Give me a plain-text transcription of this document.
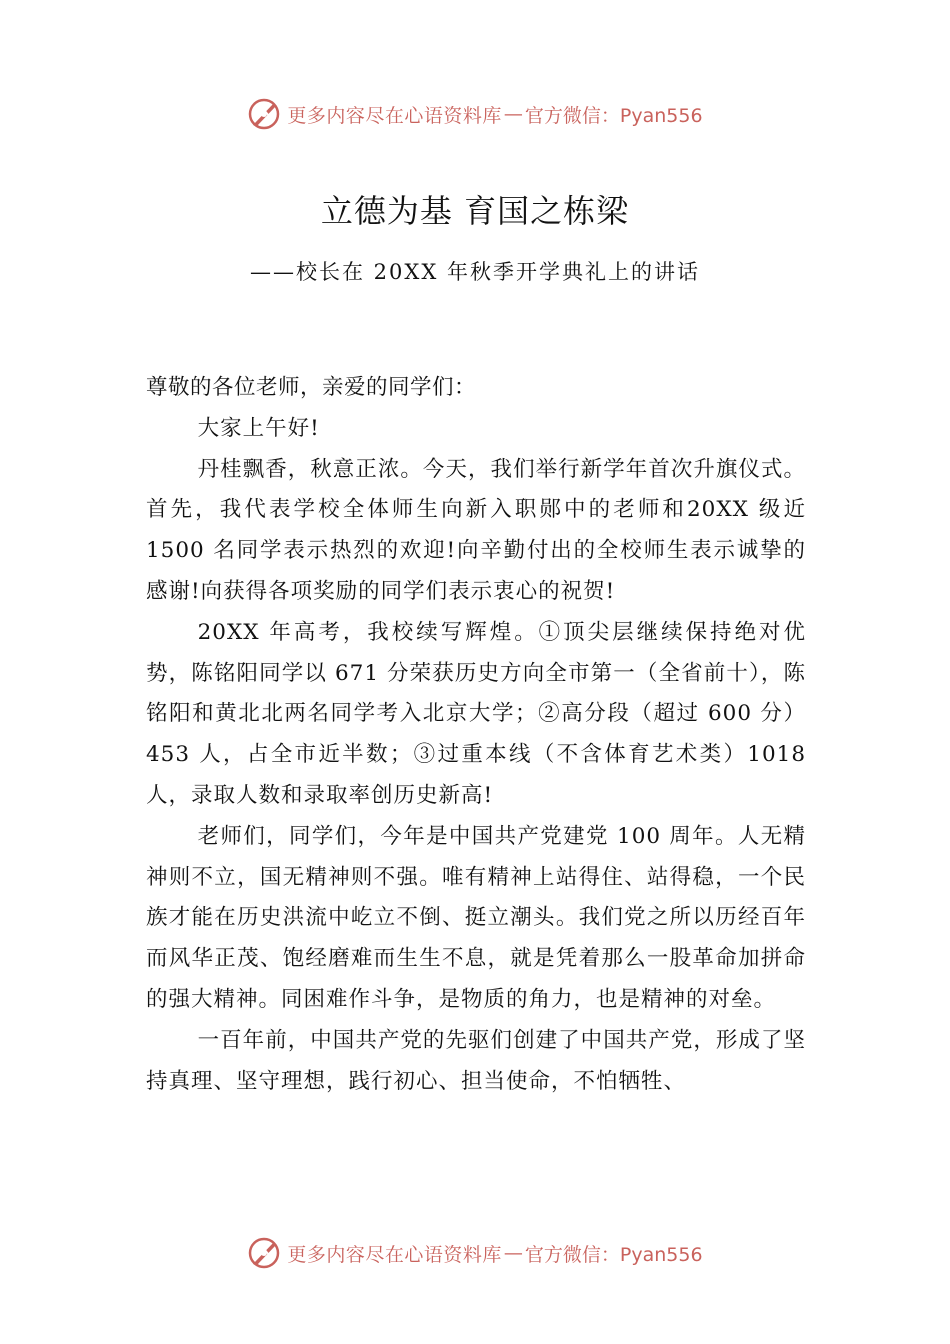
更多内容尽在心语资料库 — 官方微信：Pyan556
立德为基 育国之栋梁
——校长在 20XX 年秋季开学典礼上的讲话

尊敬的各位老师，亲爱的同学们：

大家上午好!

丹桂飘香，秋意正浓。今天，我们举行新学年首次升旗仪式。首先，我代表学校全体师生向新入职郧中的老师和20XX 级近 1500 名同学表示热烈的欢迎!向辛勤付出的全校师生表示诚挚的感谢!向获得各项奖励的同学们表示衷心的祝贺!

20XX 年高考，我校续写辉煌。①顶尖层继续保持绝对优势，陈铭阳同学以 671 分荣获历史方向全市第一（全省前十），陈铭阳和黄北北两名同学考入北京大学；②高分段（超过 600 分）453 人，占全市近半数；③过重本线（不含体育艺术类）1018 人，录取人数和录取率创历史新高!

老师们，同学们，今年是中国共产党建党 100 周年。人无精神则不立，国无精神则不强。唯有精神上站得住、站得稳，一个民族才能在历史洪流中屹立不倒、挺立潮头。我们党之所以历经百年而风华正茂、饱经磨难而生生不息，就是凭着那么一股革命加拼命的强大精神。同困难作斗争，是物质的角力，也是精神的对垒。

一百年前，中国共产党的先驱们创建了中国共产党，形成了坚持真理、坚守理想，践行初心、担当使命，不怕牺牲、

更多内容尽在心语资料库 — 官方微信：Pyan556
